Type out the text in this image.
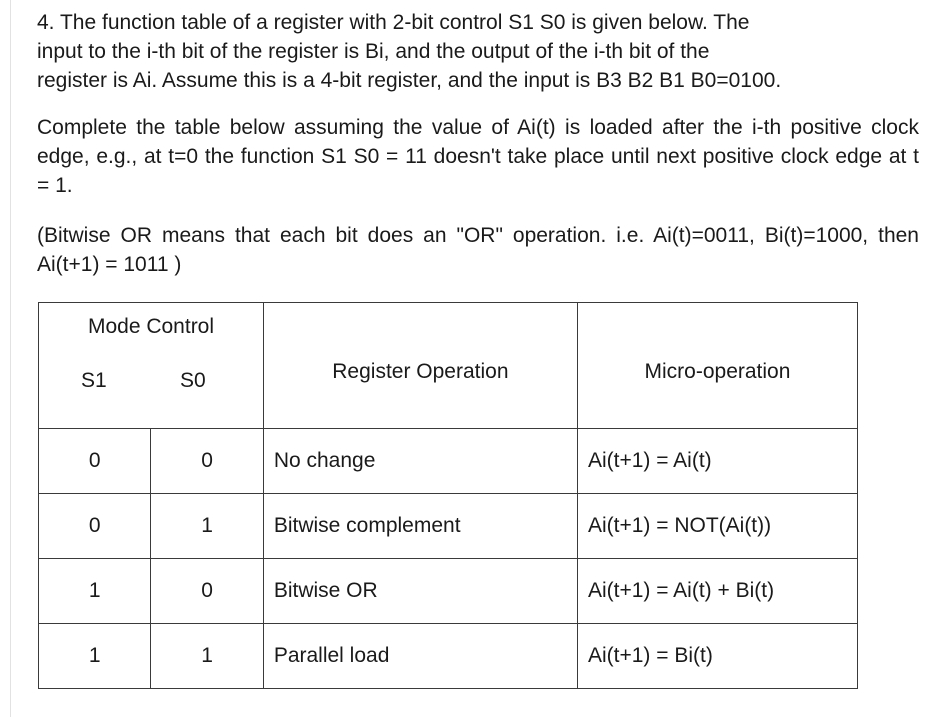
4. The function table of a register with 2-bit control S1 S0 is given below. The
input to the i-th bit of the register is Bi, and the output of the i-th bit of the
register is Ai. Assume this is a 4-bit register, and the input is B3 B2 B1 B0=0100.

Complete the table below assuming the value of Ai(t) is loaded after the i-th positive clock edge, e.g., at t=0 the function S1 S0 = 11 doesn't take place until next positive clock edge at t = 1.

(Bitwise OR means that each bit does an "OR" operation. i.e. Ai(t)=0011, Bi(t)=1000, then Ai(t+1) = 1011 )

Mode Control
S1 S0		Register Operation	Micro-operation
0	0	No change	Ai(t+1) = Ai(t)
0	1	Bitwise complement	Ai(t+1) = NOT(Ai(t))
1	0	Bitwise OR	Ai(t+1) = Ai(t) + Bi(t)
1	1	Parallel load	Ai(t+1) = Bi(t)
